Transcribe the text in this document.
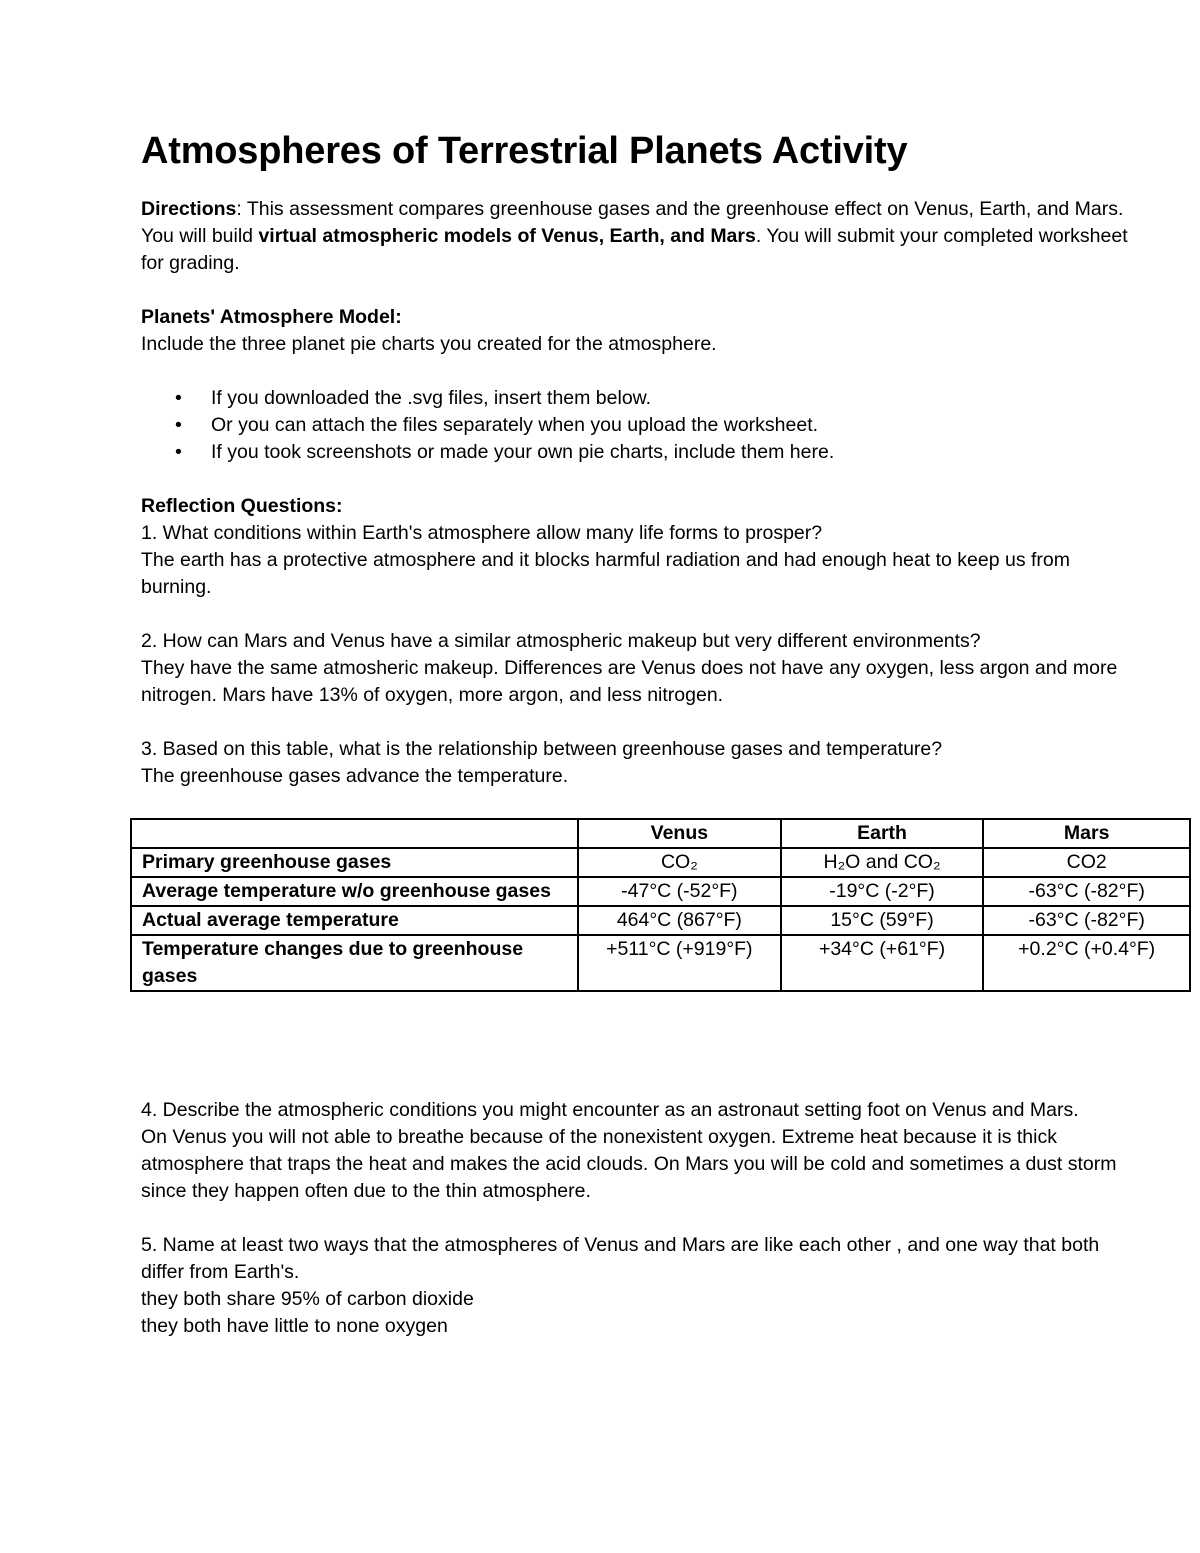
Atmospheres of Terrestrial Planets Activity

Directions: This assessment compares greenhouse gases and the greenhouse effect on Venus, Earth, and Mars. You will build virtual atmospheric models of Venus, Earth, and Mars. You will submit your completed worksheet for grading.

Planets' Atmosphere Model:

Include the three planet pie charts you created for the atmosphere.

• If you downloaded the .svg files, insert them below.
• Or you can attach the files separately when you upload the worksheet.
• If you took screenshots or made your own pie charts, include them here.

Reflection Questions:

1. What conditions within Earth's atmosphere allow many life forms to prosper?

The earth has a protective atmosphere and it blocks harmful radiation and had enough heat to keep us from burning.

2. How can Mars and Venus have a similar atmospheric makeup but very different environments?

They have the same atmosheric makeup. Differences are Venus does not have any oxygen, less argon and more nitrogen. Mars have 13% of oxygen, more argon, and less nitrogen.

3. Based on this table, what is the relationship between greenhouse gases and temperature?

The greenhouse gases advance the temperature.

	Venus	Earth	Mars
Primary greenhouse gases	CO₂	H₂O and CO₂	CO2
Average temperature w/o greenhouse gases	-47°C (-52°F)	-19°C (-2°F)	-63°C (-82°F)
Actual average temperature	464°C (867°F)	15°C (59°F)	-63°C (-82°F)
Temperature changes due to greenhouse gases	+511°C (+919°F)	+34°C (+61°F)	+0.2°C (+0.4°F)

4. Describe the atmospheric conditions you might encounter as an astronaut setting foot on Venus and Mars.

On Venus you will not able to breathe because of the nonexistent oxygen. Extreme heat because it is thick atmosphere that traps the heat and makes the acid clouds. On Mars you will be cold and sometimes a dust storm since they happen often due to the thin atmosphere.

5. Name at least two ways that the atmospheres of Venus and Mars are like each other , and one way that both differ from Earth's.

they both share 95% of carbon dioxide

they both have little to none oxygen
